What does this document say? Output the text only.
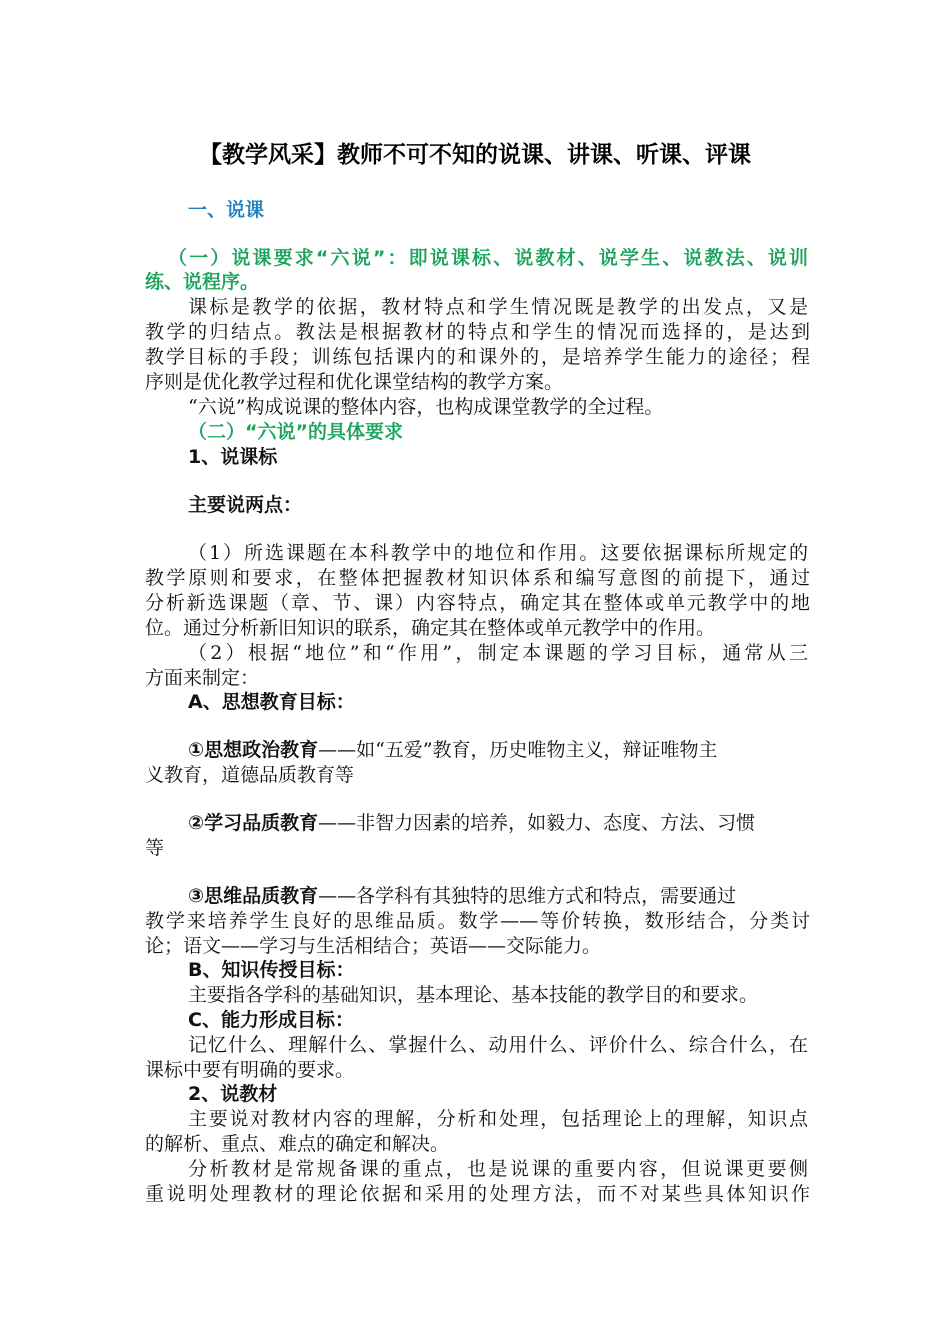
【教学风采】教师不可不知的说课、讲课、听课、评课
一、说课
（一）说课要求“六说”：即说课标、说教材、说学生、说教法、说训
练、说程序。
课标是教学的依据，教材特点和学生情况既是教学的出发点，又是
教学的归结点。教法是根据教材的特点和学生的情况而选择的，是达到
教学目标的手段；训练包括课内的和课外的，是培养学生能力的途径；程
序则是优化教学过程和优化课堂结构的教学方案。
“六说”构成说课的整体内容，也构成课堂教学的全过程。
（二）“六说”的具体要求
1、说课标
主要说两点：
（1）所选课题在本科教学中的地位和作用。这要依据课标所规定的
教学原则和要求，在整体把握教材知识体系和编写意图的前提下，通过
分析新选课题（章、节、课）内容特点，确定其在整体或单元教学中的地
位。通过分析新旧知识的联系，确定其在整体或单元教学中的作用。
（2）根据“地位”和“作用”，制定本课题的学习目标，通常从三
方面来制定：
A、思想教育目标：
①思想政治教育——如“五爱”教育，历史唯物主义，辩证唯物主
义教育，道德品质教育等
②学习品质教育——非智力因素的培养，如毅力、态度、方法、习惯
等
③思维品质教育——各学科有其独特的思维方式和特点，需要通过
教学来培养学生良好的思维品质。数学——等价转换，数形结合，分类讨
论；语文——学习与生活相结合；英语——交际能力。
B、知识传授目标：
主要指各学科的基础知识，基本理论、基本技能的教学目的和要求。
C、能力形成目标：
记忆什么、理解什么、掌握什么、动用什么、评价什么、综合什么，在
课标中要有明确的要求。
2、说教材
主要说对教材内容的理解，分析和处理，包括理论上的理解，知识点
的解析、重点、难点的确定和解决。
分析教材是常规备课的重点，也是说课的重要内容，但说课更要侧
重说明处理教材的理论依据和采用的处理方法，而不对某些具体知识作
